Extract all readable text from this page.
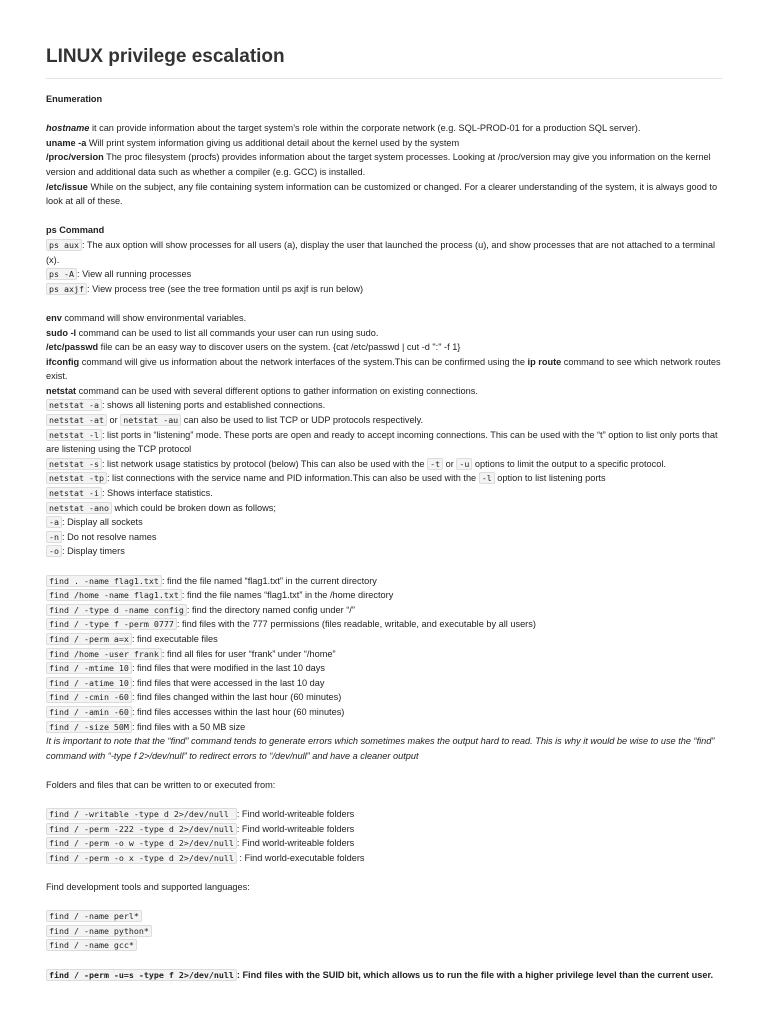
LINUX privilege escalation

Enumeration

hostname it can provide information about the target system’s role within the corporate network (e.g. SQL-PROD-01 for a production SQL server).

uname -a Will print system information giving us additional detail about the kernel used by the system

/proc/version The proc filesystem (procfs) provides information about the target system processes. Looking at /proc/version may give you information on the kernel version and additional data such as whether a compiler (e.g. GCC) is installed.

/etc/issue While on the subject, any file containing system information can be customized or changed. For a clearer understanding of the system, it is always good to look at all of these.

ps Command

ps aux : The aux option will show processes for all users (a), display the user that launched the process (u), and show processes that are not attached to a terminal (x).

ps -A : View all running processes

ps axjf : View process tree (see the tree formation until ps axjf is run below)

env command will show environmental variables.

sudo -l command can be used to list all commands your user can run using sudo.

/etc/passwd file can be an easy way to discover users on the system. {cat /etc/passwd | cut -d ":" -f 1}

ifconfig command will give us information about the network interfaces of the system.This can be confirmed using the ip route command to see which network routes exist.

netstat command can be used with several different options to gather information on existing connections.

netstat -a : shows all listening ports and established connections.

netstat -at or netstat -au can also be used to list TCP or UDP protocols respectively.

netstat -l : list ports in “listening” mode. These ports are open and ready to accept incoming connections. This can be used with the “t” option to list only ports that are listening using the TCP protocol

netstat -s : list network usage statistics by protocol (below) This can also be used with the -t or -u options to limit the output to a specific protocol.

netstat -tp : list connections with the service name and PID information.This can also be used with the -l option to list listening ports

netstat -i : Shows interface statistics.

netstat -ano which could be broken down as follows;

-a : Display all sockets

-n : Do not resolve names

-o : Display timers

find . -name flag1.txt : find the file named “flag1.txt” in the current directory

find /home -name flag1.txt : find the file names “flag1.txt” in the /home directory

find / -type d -name config : find the directory named config under “/”

find / -type f -perm 0777 : find files with the 777 permissions (files readable, writable, and executable by all users)

find / -perm a=x : find executable files

find /home -user frank : find all files for user “frank” under “/home”

find / -mtime 10 : find files that were modified in the last 10 days

find / -atime 10 : find files that were accessed in the last 10 day

find / -cmin -60 : find files changed within the last hour (60 minutes)

find / -amin -60 : find files accesses within the last hour (60 minutes)

find / -size 50M : find files with a 50 MB size

It is important to note that the “find” command tends to generate errors which sometimes makes the output hard to read. This is why it would be wise to use the “find” command with “-type f 2>/dev/null” to redirect errors to “/dev/null” and have a cleaner output

Folders and files that can be written to or executed from:

find / -writable -type d 2>/dev/null : Find world-writeable folders

find / -perm -222 -type d 2>/dev/null : Find world-writeable folders

find / -perm -o w -type d 2>/dev/null : Find world-writeable folders

find / -perm -o x -type d 2>/dev/null : Find world-executable folders

Find development tools and supported languages:

find / -name perl*

find / -name python*

find / -name gcc*

find / -perm -u=s -type f 2>/dev/null : Find files with the SUID bit, which allows us to run the file with a higher privilege level than the current user.
